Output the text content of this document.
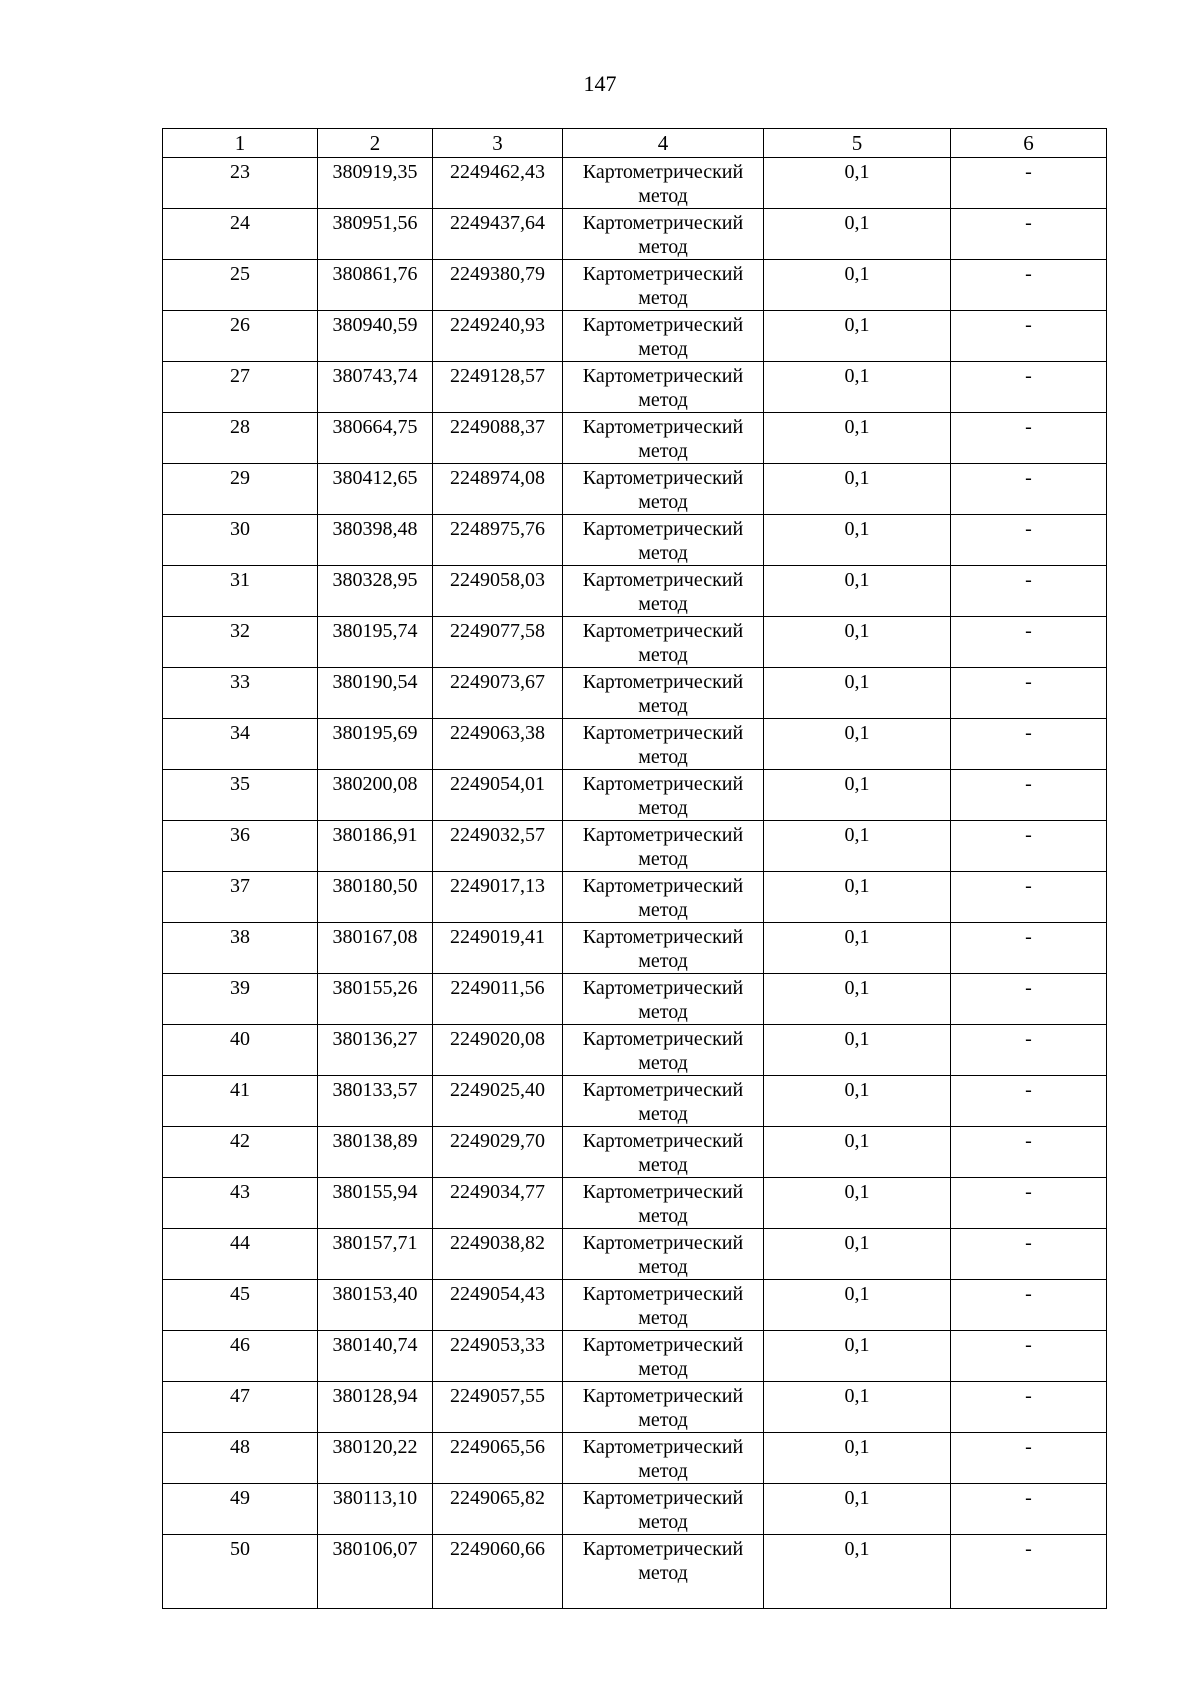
147
1	2	3	4	5	6
23	380919,35	2249462,43	Картометрический метод	0,1	-
24	380951,56	2249437,64	Картометрический метод	0,1	-
25	380861,76	2249380,79	Картометрический метод	0,1	-
26	380940,59	2249240,93	Картометрический метод	0,1	-
27	380743,74	2249128,57	Картометрический метод	0,1	-
28	380664,75	2249088,37	Картометрический метод	0,1	-
29	380412,65	2248974,08	Картометрический метод	0,1	-
30	380398,48	2248975,76	Картометрический метод	0,1	-
31	380328,95	2249058,03	Картометрический метод	0,1	-
32	380195,74	2249077,58	Картометрический метод	0,1	-
33	380190,54	2249073,67	Картометрический метод	0,1	-
34	380195,69	2249063,38	Картометрический метод	0,1	-
35	380200,08	2249054,01	Картометрический метод	0,1	-
36	380186,91	2249032,57	Картометрический метод	0,1	-
37	380180,50	2249017,13	Картометрический метод	0,1	-
38	380167,08	2249019,41	Картометрический метод	0,1	-
39	380155,26	2249011,56	Картометрический метод	0,1	-
40	380136,27	2249020,08	Картометрический метод	0,1	-
41	380133,57	2249025,40	Картометрический метод	0,1	-
42	380138,89	2249029,70	Картометрический метод	0,1	-
43	380155,94	2249034,77	Картометрический метод	0,1	-
44	380157,71	2249038,82	Картометрический метод	0,1	-
45	380153,40	2249054,43	Картометрический метод	0,1	-
46	380140,74	2249053,33	Картометрический метод	0,1	-
47	380128,94	2249057,55	Картометрический метод	0,1	-
48	380120,22	2249065,56	Картометрический метод	0,1	-
49	380113,10	2249065,82	Картометрический метод	0,1	-
50	380106,07	2249060,66	Картометрический метод	0,1	-
